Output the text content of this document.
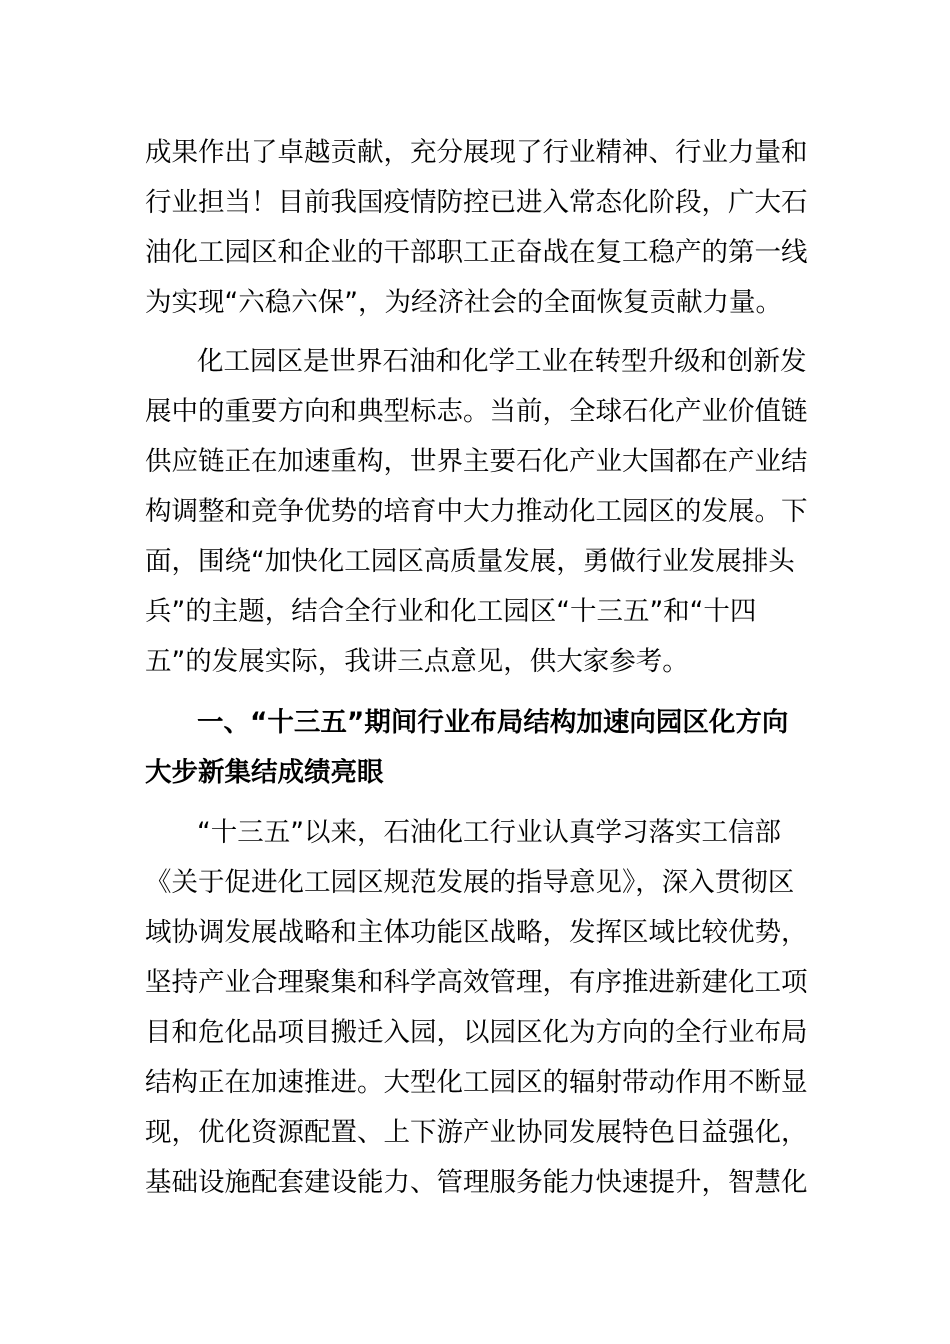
成果作出了卓越贡献，充分展现了行业精神、行业力量和
行业担当！目前我国疫情防控已进入常态化阶段，广大石
油化工园区和企业的干部职工正奋战在复工稳产的第一线
为实现“六稳六保”，为经济社会的全面恢复贡献力量。
化工园区是世界石油和化学工业在转型升级和创新发
展中的重要方向和典型标志。当前，全球石化产业价值链
供应链正在加速重构，世界主要石化产业大国都在产业结
构调整和竞争优势的培育中大力推动化工园区的发展。下
面，围绕“加快化工园区高质量发展，勇做行业发展排头
兵”的主题，结合全行业和化工园区“十三五”和“十四
五”的发展实际，我讲三点意见，供大家参考。
一、“十三五”期间行业布局结构加速向园区化方向
大步新集结成绩亮眼
“十三五”以来，石油化工行业认真学习落实工信部
《关于促进化工园区规范发展的指导意见》，深入贯彻区
域协调发展战略和主体功能区战略，发挥区域比较优势，
坚持产业合理聚集和科学高效管理，有序推进新建化工项
目和危化品项目搬迁入园，以园区化为方向的全行业布局
结构正在加速推进。大型化工园区的辐射带动作用不断显
现，优化资源配置、上下游产业协同发展特色日益强化，
基础设施配套建设能力、管理服务能力快速提升，智慧化
